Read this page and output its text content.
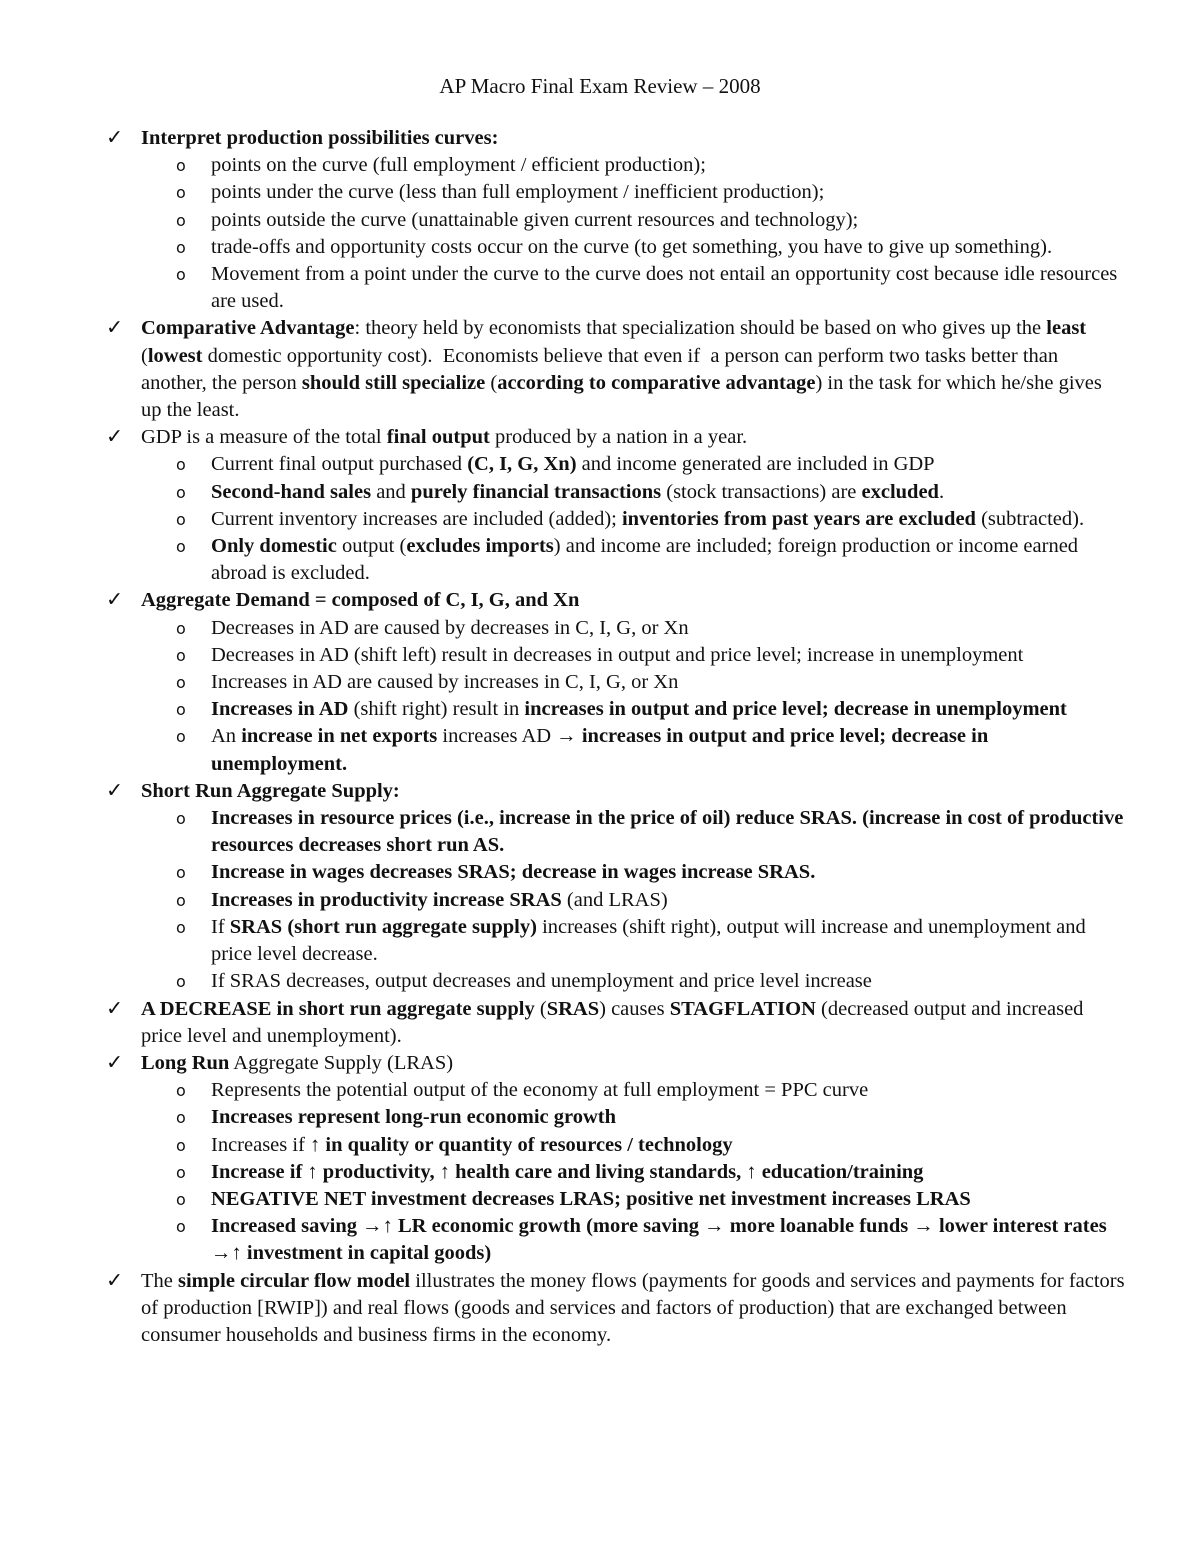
AP Macro Final Exam Review – 2008
✓ Interpret production possibilities curves:
o points on the curve (full employment / efficient production);
o points under the curve (less than full employment / inefficient production);
o points outside the curve (unattainable given current resources and technology);
o trade-offs and opportunity costs occur on the curve (to get something, you have to give up something).
o Movement from a point under the curve to the curve does not entail an opportunity cost because idle resources are used.
✓ Comparative Advantage: theory held by economists that specialization should be based on who gives up the least (lowest domestic opportunity cost).  Economists believe that even if  a person can perform two tasks better than another, the person should still specialize (according to comparative advantage) in the task for which he/she gives up the least.
✓ GDP is a measure of the total final output produced by a nation in a year.
o Current final output purchased (C, I, G, Xn) and income generated are included in GDP
o Second-hand sales and purely financial transactions (stock transactions) are excluded.
o Current inventory increases are included (added); inventories from past years are excluded (subtracted).
o Only domestic output (excludes imports) and income are included; foreign production or income earned abroad is excluded.
✓ Aggregate Demand = composed of C, I, G, and Xn
o Decreases in AD are caused by decreases in C, I, G, or Xn
o Decreases in AD (shift left) result in decreases in output and price level; increase in unemployment
o Increases in AD are caused by increases in C, I, G, or Xn
o Increases in AD (shift right) result in increases in output and price level; decrease in unemployment
o An increase in net exports increases AD → increases in output and price level; decrease in unemployment.
✓ Short Run Aggregate Supply:
o Increases in resource prices (i.e., increase in the price of oil) reduce SRAS. (increase in cost of productive resources decreases short run AS.
o Increase in wages decreases SRAS; decrease in wages increase SRAS.
o Increases in productivity increase SRAS (and LRAS)
o If SRAS (short run aggregate supply) increases (shift right), output will increase and unemployment and price level decrease.
o If SRAS decreases, output decreases and unemployment and price level increase
✓ A DECREASE in short run aggregate supply (SRAS) causes STAGFLATION (decreased output and increased price level and unemployment).
✓ Long Run Aggregate Supply (LRAS)
o Represents the potential output of the economy at full employment = PPC curve
o Increases represent long-run economic growth
o Increases if ↑ in quality or quantity of resources / technology
o Increase if ↑ productivity, ↑ health care and living standards, ↑ education/training
o NEGATIVE NET investment decreases LRAS; positive net investment increases LRAS
o Increased saving →↑ LR economic growth (more saving → more loanable funds → lower interest rates →↑ investment in capital goods)
✓ The simple circular flow model illustrates the money flows (payments for goods and services and payments for factors of production [RWIP]) and real flows (goods and services and factors of production) that are exchanged between consumer households and business firms in the economy.
